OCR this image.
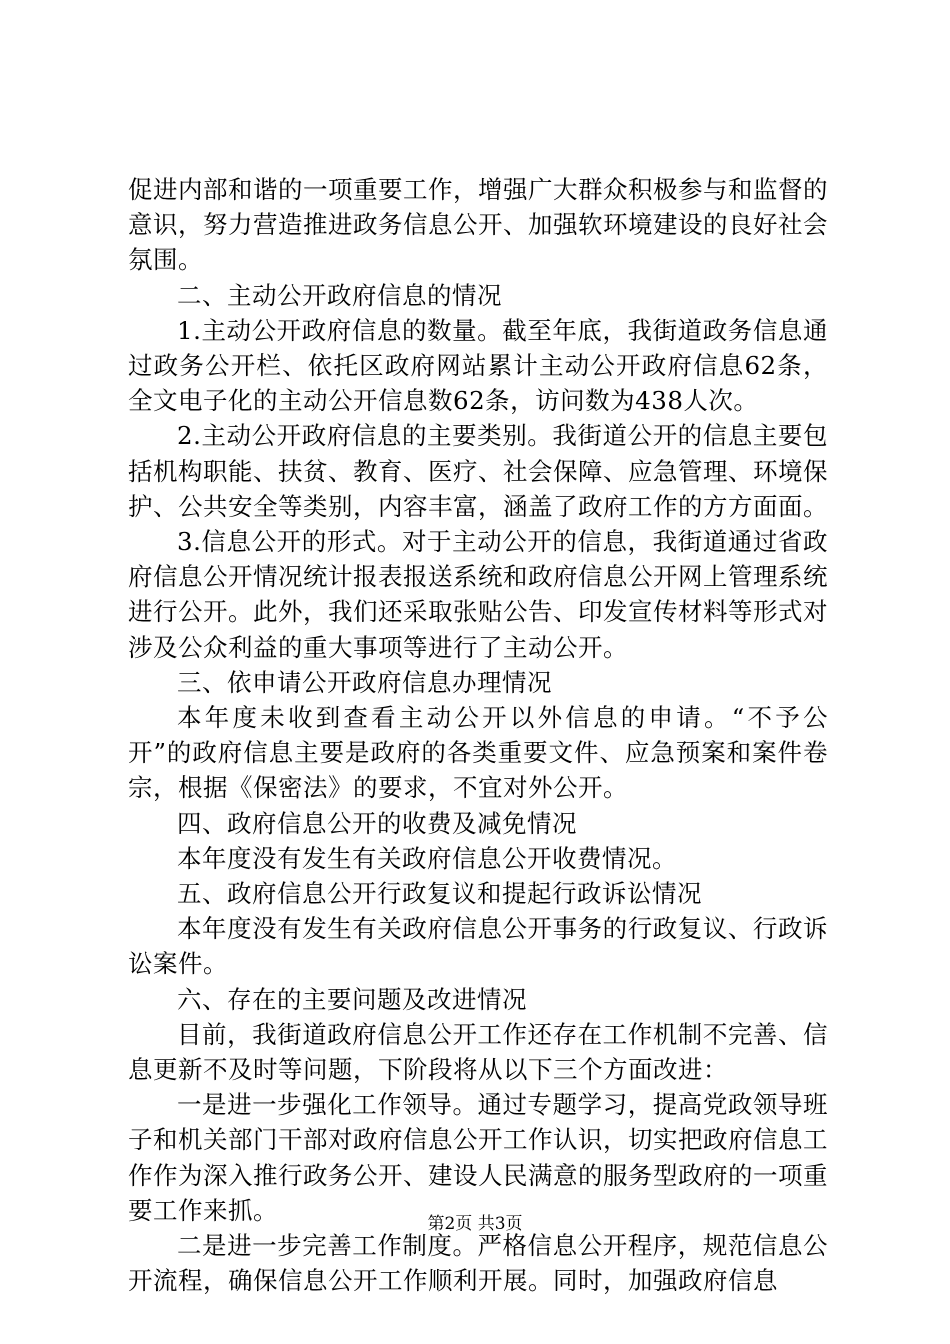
促进内部和谐的一项重要工作，增强广大群众积极参与和监督的意识，努力营造推进政务信息公开、加强软环境建设的良好社会氛围。

二、主动公开政府信息的情况

1.主动公开政府信息的数量。截至年底，我街道政务信息通过政务公开栏、依托区政府网站累计主动公开政府信息62条，全文电子化的主动公开信息数62条，访问数为438人次。

2.主动公开政府信息的主要类别。我街道公开的信息主要包括机构职能、扶贫、教育、医疗、社会保障、应急管理、环境保护、公共安全等类别，内容丰富，涵盖了政府工作的方方面面。

3.信息公开的形式。对于主动公开的信息，我街道通过省政府信息公开情况统计报表报送系统和政府信息公开网上管理系统进行公开。此外，我们还采取张贴公告、印发宣传材料等形式对涉及公众利益的重大事项等进行了主动公开。

三、依申请公开政府信息办理情况

本年度未收到查看主动公开以外信息的申请。“不予公开”的政府信息主要是政府的各类重要文件、应急预案和案件卷宗，根据《保密法》的要求，不宜对外公开。

四、政府信息公开的收费及减免情况

本年度没有发生有关政府信息公开收费情况。

五、政府信息公开行政复议和提起行政诉讼情况

本年度没有发生有关政府信息公开事务的行政复议、行政诉讼案件。

六、存在的主要问题及改进情况

目前，我街道政府信息公开工作还存在工作机制不完善、信息更新不及时等问题，下阶段将从以下三个方面改进：

一是进一步强化工作领导。通过专题学习，提高党政领导班子和机关部门干部对政府信息公开工作认识，切实把政府信息工作作为深入推行政务公开、建设人民满意的服务型政府的一项重要工作来抓。

二是进一步完善工作制度。严格信息公开程序，规范信息公开流程，确保信息公开工作顺利开展。同时，加强政府信息

第2页 共3页
